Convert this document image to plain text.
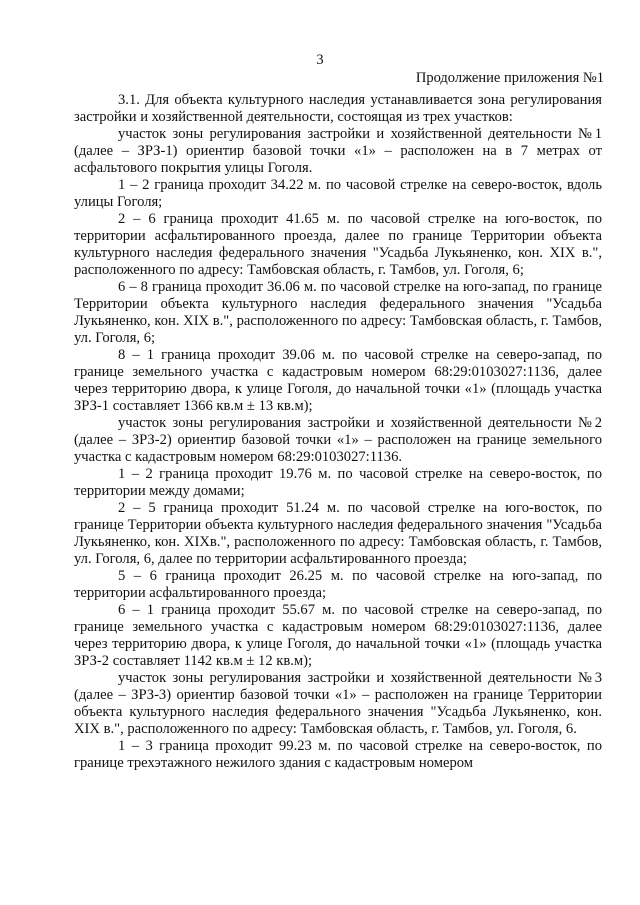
3
Продолжение приложения №1

3.1. Для объекта культурного наследия устанавливается зона регулирования застройки и хозяйственной деятельности, состоящая из трех участков:

участок зоны регулирования застройки и хозяйственной деятельности №1 (далее – ЗРЗ-1) ориентир базовой точки «1» – расположен на в 7 метрах от асфальтового покрытия улицы Гоголя.

1 – 2 граница проходит 34.22 м. по часовой стрелке на северо-восток, вдоль улицы Гоголя;

2 – 6 граница проходит 41.65 м. по часовой стрелке на юго-восток, по территории асфальтированного проезда, далее по границе Территории объекта культурного наследия федерального значения "Усадьба Лукьяненко, кон. XIX в.", расположенного по адресу: Тамбовская область, г. Тамбов, ул. Гоголя, 6;

6 – 8 граница проходит 36.06 м. по часовой стрелке на юго-запад, по границе Территории объекта культурного наследия федерального значения "Усадьба Лукьяненко, кон. XIX в.", расположенного по адресу: Тамбовская область, г. Тамбов, ул. Гоголя, 6;

8 – 1 граница проходит 39.06 м. по часовой стрелке на северо-запад, по границе земельного участка с кадастровым номером 68:29:0103027:1136, далее через территорию двора, к улице Гоголя, до начальной точки «1» (площадь участка ЗРЗ-1 составляет 1366 кв.м ± 13 кв.м);

участок зоны регулирования застройки и хозяйственной деятельности №2 (далее – ЗРЗ-2) ориентир базовой точки «1» – расположен на границе земельного участка с кадастровым номером 68:29:0103027:1136.

1 – 2 граница проходит 19.76 м. по часовой стрелке на северо-восток, по территории между домами;

2 – 5 граница проходит 51.24 м. по часовой стрелке на юго-восток, по границе Территории объекта культурного наследия федерального значения "Усадьба Лукьяненко, кон. XIXв.", расположенного по адресу: Тамбовская область, г. Тамбов, ул. Гоголя, 6, далее по территории асфальтированного проезда;

5 – 6 граница проходит 26.25 м. по часовой стрелке на юго-запад, по территории асфальтированного проезда;

6 – 1 граница проходит 55.67 м. по часовой стрелке на северо-запад, по границе земельного участка с кадастровым номером 68:29:0103027:1136, далее через территорию двора, к улице Гоголя, до начальной точки «1» (площадь участка ЗРЗ-2 составляет 1142 кв.м ± 12 кв.м);

участок зоны регулирования застройки и хозяйственной деятельности №3 (далее – ЗРЗ-3) ориентир базовой точки «1» – расположен на границе Территории объекта культурного наследия федерального значения "Усадьба Лукьяненко, кон. XIX в.", расположенного по адресу: Тамбовская область, г. Тамбов, ул. Гоголя, 6.

1 – 3 граница проходит 99.23 м. по часовой стрелке на северо-восток, по границе трехэтажного нежилого здания с кадастровым номером
